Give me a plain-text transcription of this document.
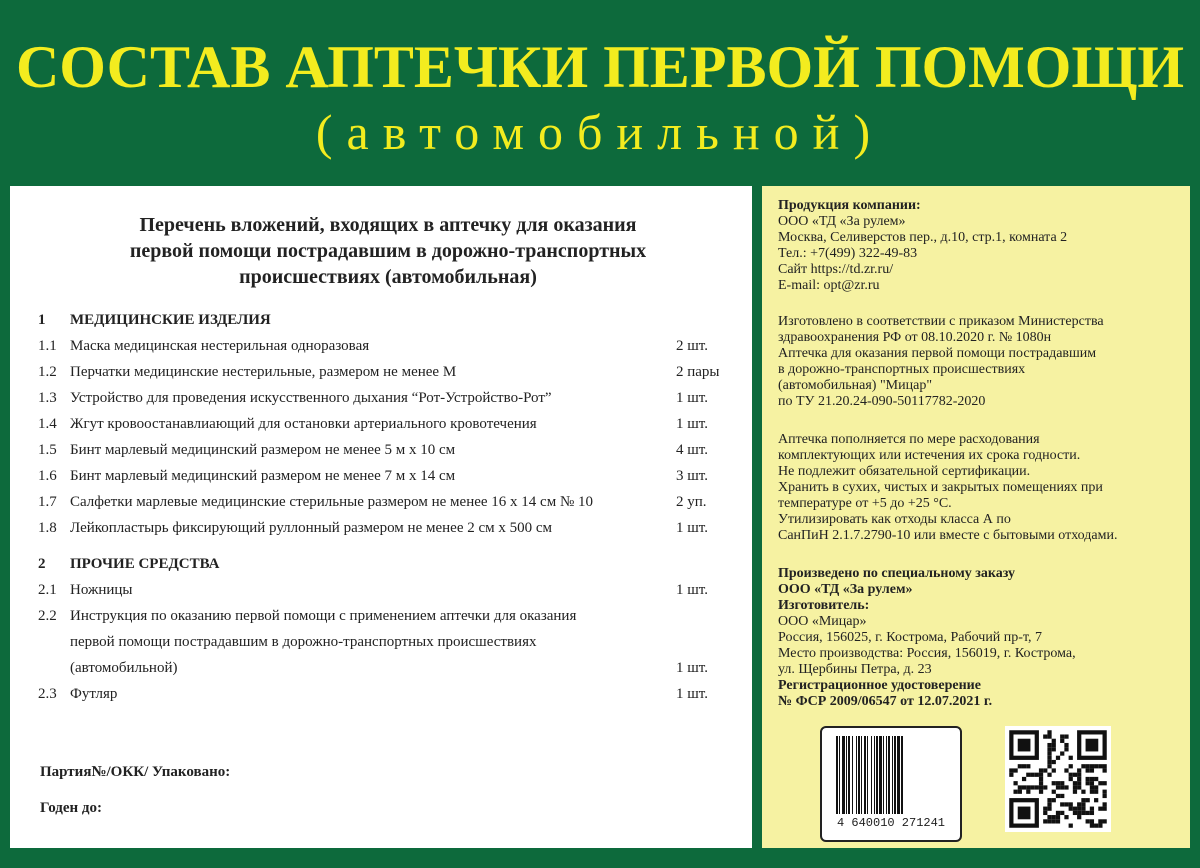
СОСТАВ АПТЕЧКИ ПЕРВОЙ ПОМОЩИ
(автомобильной)
Перечень вложений, входящих в аптечку для оказания
первой помощи пострадавшим в дорожно-транспортных
происшествиях (автомобильная)
1 МЕДИЦИНСКИЕ ИЗДЕЛИЯ
1.1 Маска медицинская нестерильная одноразовая	2 шт.
1.2 Перчатки медицинские нестерильные, размером не менее М	2 пары
1.3 Устройство для проведения искусственного дыхания “Рот-Устройство-Рот”	1 шт.
1.4 Жгут кровоостанавлиающий для остановки артериального кровотечения	1 шт.
1.5 Бинт марлевый медицинский размером не менее 5 м х 10 см	4 шт.
1.6 Бинт марлевый медицинский размером не менее 7 м х 14 см	3 шт.
1.7 Салфетки марлевые медицинские стерильные размером не менее 16 х 14 см № 10	2 уп.
1.8 Лейкопластырь фиксирующий руллонный размером не менее 2 см х 500 см	1 шт.
2 ПРОЧИЕ СРЕДСТВА
2.1 Ножницы	1 шт.
2.2 Инструкция по оказанию первой помощи с применением аптечки для оказания
первой помощи пострадавшим в дорожно-транспортных происшествиях
(автомобильной)	1 шт.
2.3 Футляр	1 шт.
Партия№/ОКК/ Упаковано:
Годен до:
Продукция компании:
ООО «ТД «За рулем»
Москва, Селиверстов пер., д.10, стр.1, комната 2
Тел.: +7(499) 322-49-83
Сайт https://td.zr.ru/
E-mail: opt@zr.ru
Изготовлено в соответствии с приказом Министерства
здравоохранения РФ от 08.10.2020 г. № 1080н
Аптечка для оказания первой помощи пострадавшим
в дорожно-транспортных происшествиях
(автомобильная) "Мицар"
по ТУ 21.20.24-090-50117782-2020
Аптечка пополняется по мере расходования
комплектующих или истечения их срока годности.
Не подлежит обязательной сертификации.
Хранить в сухих, чистых и закрытых помещениях при
температуре от +5 до +25 °С.
Утилизировать как отходы класса А по
СанПиН 2.1.7.2790-10 или вместе с бытовыми отходами.
Произведено по специальному заказу
ООО «ТД «За рулем»
Изготовитель:
ООО «Мицар»
Россия, 156025, г. Кострома, Рабочий пр-т, 7
Место производства: Россия, 156019, г. Кострома,
ул. Щербины Петра, д. 23
Регистрационное удостоверение
№ ФСР 2009/06547 от 12.07.2021 г.
4 640010 271241
